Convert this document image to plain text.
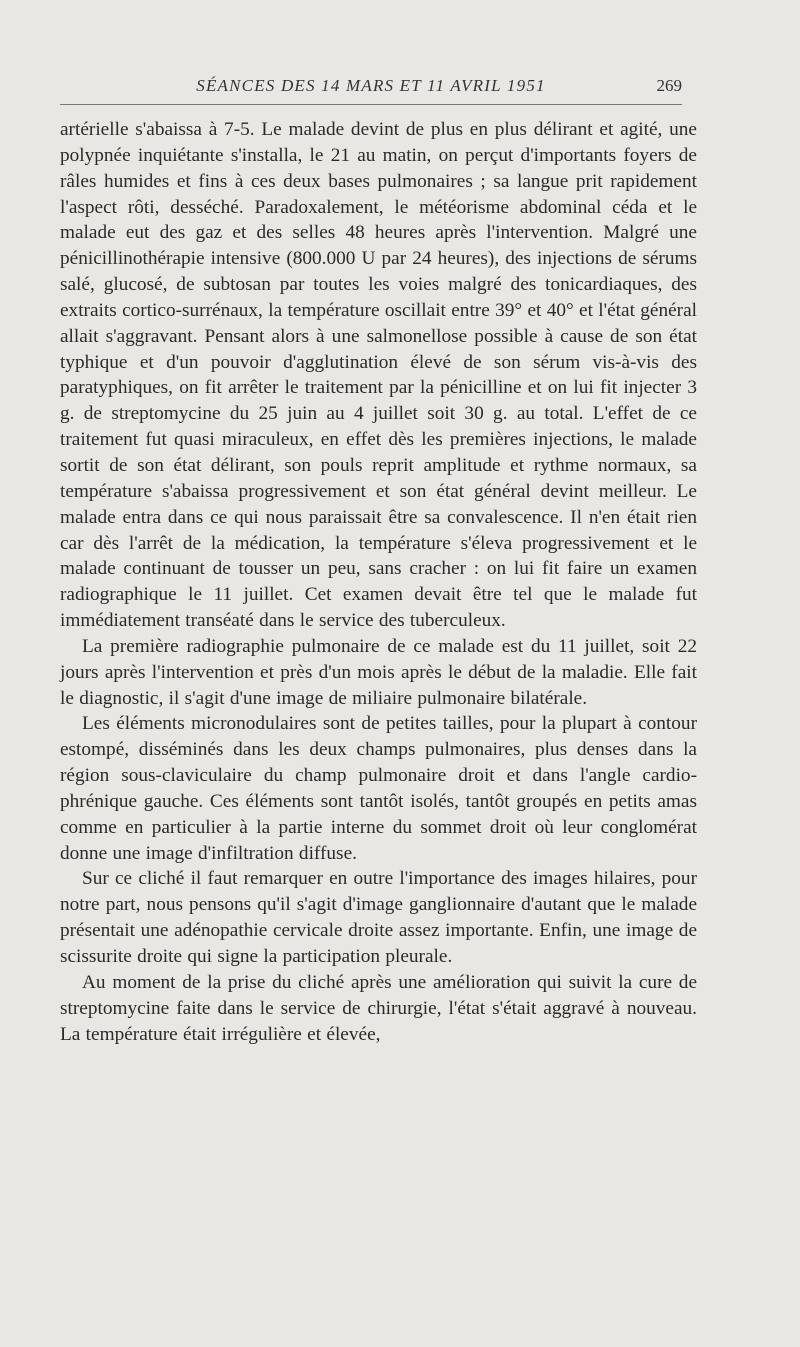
SÉANCES DES 14 MARS ET 11 AVRIL 1951	269

artérielle s'abaissa à 7-5. Le malade devint de plus en plus délirant et agité, une polypnée inquiétante s'installa, le 21 au matin, on perçut d'importants foyers de râles humides et fins à ces deux bases pulmonaires ; sa langue prit rapidement l'aspect rôti, desséché. Paradoxalement, le météorisme abdominal céda et le malade eut des gaz et des selles 48 heures après l'intervention. Malgré une pénicillinothérapie intensive (800.000 U par 24 heures), des injections de sérums salé, glucosé, de subtosan par toutes les voies malgré des tonicardiaques, des extraits cortico-surrénaux, la température oscillait entre 39° et 40° et l'état général allait s'aggravant. Pensant alors à une salmonellose possible à cause de son état typhique et d'un pouvoir d'agglutination élevé de son sérum vis-à-vis des paratyphiques, on fit arrêter le traitement par la pénicilline et on lui fit injecter 3 g. de streptomycine du 25 juin au 4 juillet soit 30 g. au total. L'effet de ce traitement fut quasi miraculeux, en effet dès les premières injections, le malade sortit de son état délirant, son pouls reprit amplitude et rythme normaux, sa température s'abaissa progressivement et son état général devint meilleur. Le malade entra dans ce qui nous paraissait être sa convalescence. Il n'en était rien car dès l'arrêt de la médication, la température s'éleva progressivement et le malade continuant de tousser un peu, sans cracher : on lui fit faire un examen radiographique le 11 juillet. Cet examen devait être tel que le malade fut immédiatement transéaté dans le service des tuberculeux.

La première radiographie pulmonaire de ce malade est du 11 juillet, soit 22 jours après l'intervention et près d'un mois après le début de la maladie. Elle fait le diagnostic, il s'agit d'une image de miliaire pulmonaire bilatérale.

Les éléments micronodulaires sont de petites tailles, pour la plupart à contour estompé, disséminés dans les deux champs pulmonaires, plus denses dans la région sous-claviculaire du champ pulmonaire droit et dans l'angle cardio-phrénique gauche. Ces éléments sont tantôt isolés, tantôt groupés en petits amas comme en particulier à la partie interne du sommet droit où leur conglomérat donne une image d'infiltration diffuse.

Sur ce cliché il faut remarquer en outre l'importance des images hilaires, pour notre part, nous pensons qu'il s'agit d'image ganglionnaire d'autant que le malade présentait une adénopathie cervicale droite assez importante. Enfin, une image de scissurite droite qui signe la participation pleurale.

Au moment de la prise du cliché après une amélioration qui suivit la cure de streptomycine faite dans le service de chirurgie, l'état s'était aggravé à nouveau. La température était irrégulière et élevée,
